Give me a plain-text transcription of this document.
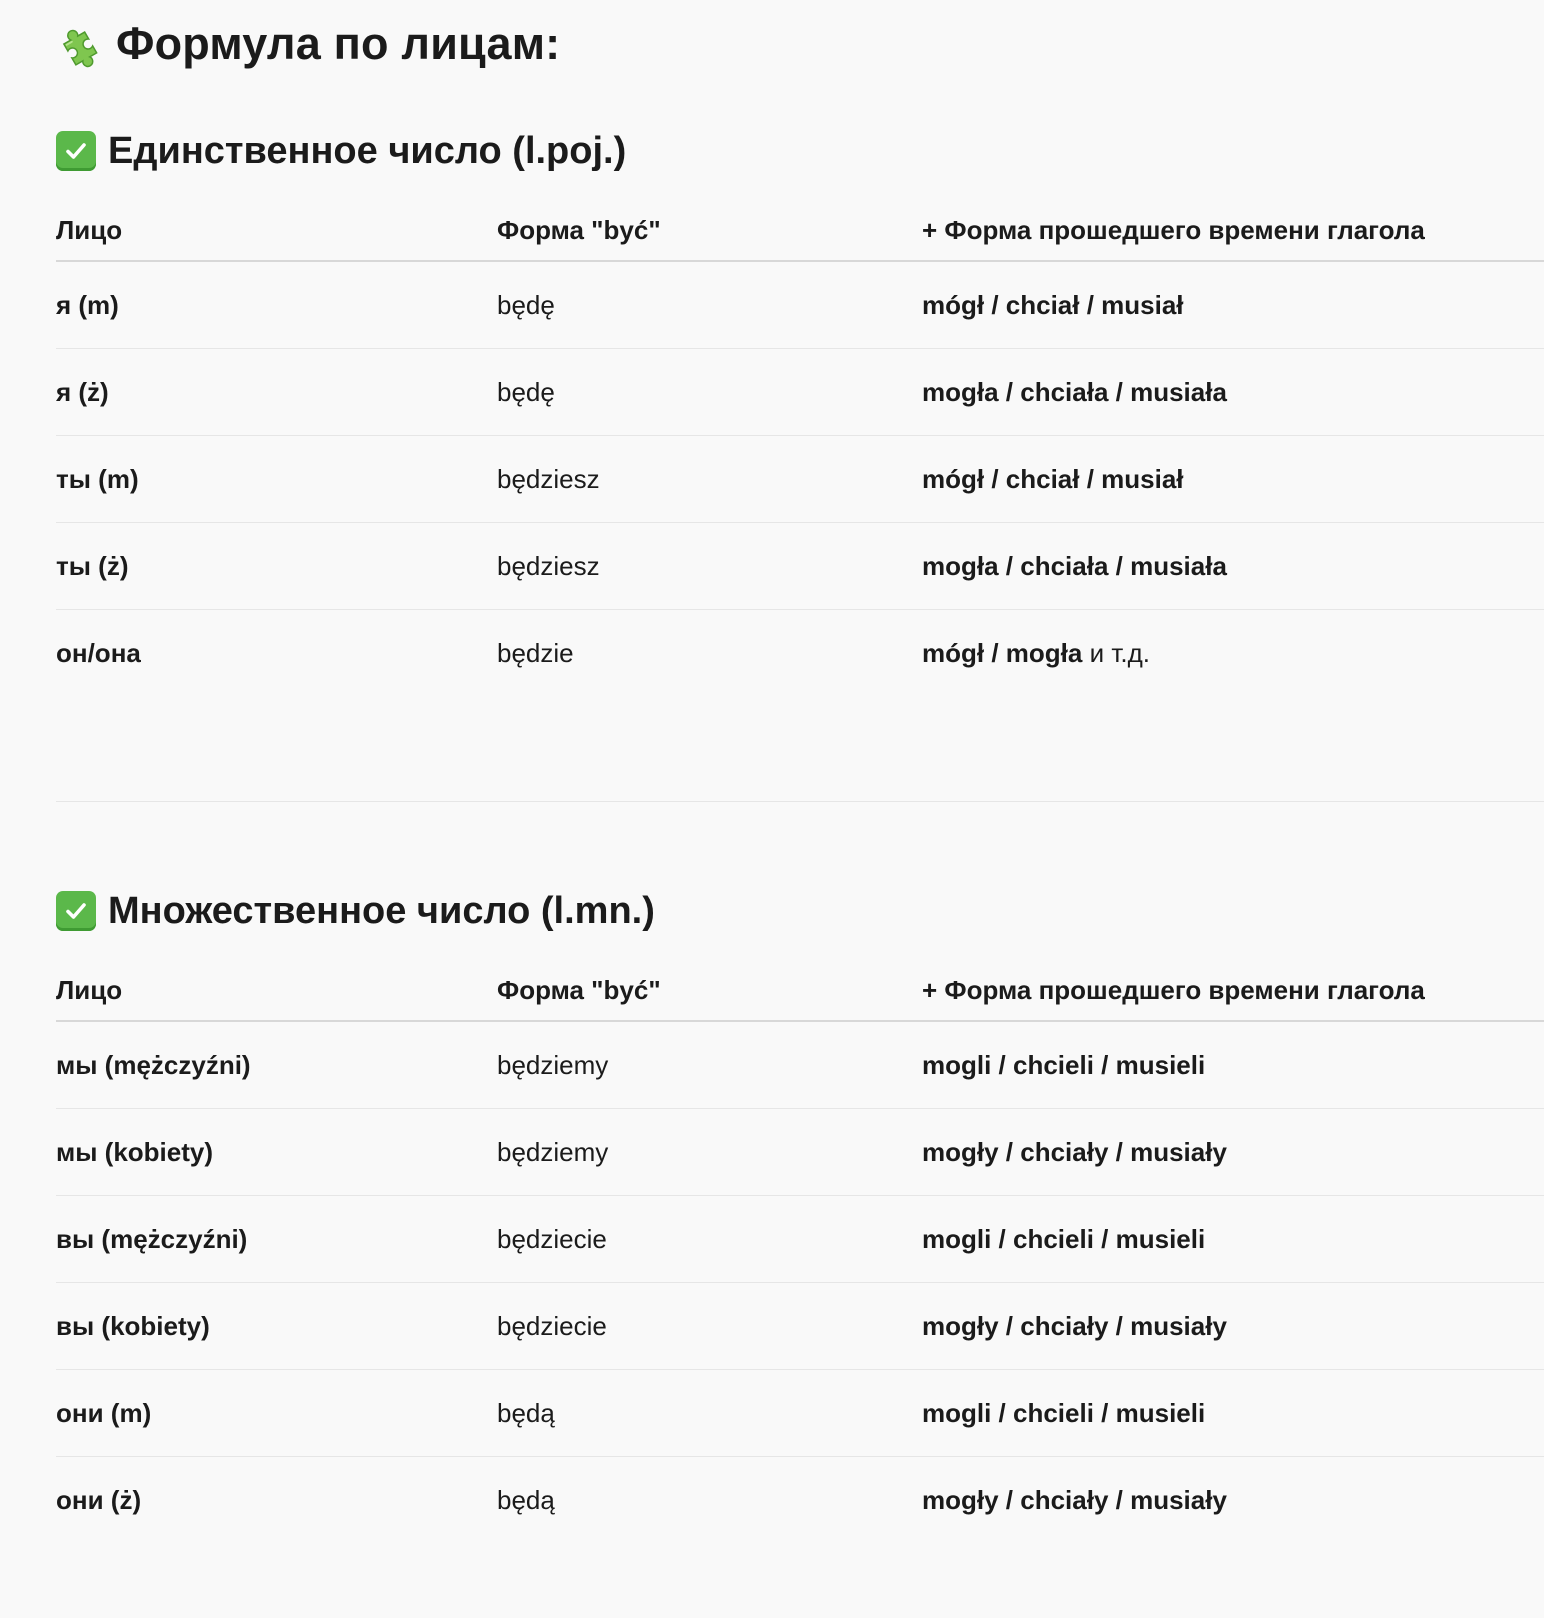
Формула по лицам:
Единственное число (l.poj.)
Лицо	Форма "być"	+ Форма прошедшего времени глагола
я (m)	będę	mógł / chciał / musiał
я (ż)	będę	mogła / chciała / musiała
ты (m)	będziesz	mógł / chciał / musiał
ты (ż)	będziesz	mogła / chciała / musiała
он/она	będzie	mógł / mogła и т.д.
Множественное число (l.mn.)
Лицо	Форма "być"	+ Форма прошедшего времени глагола
мы (mężczyźni)	będziemy	mogli / chcieli / musieli
мы (kobiety)	będziemy	mogły / chciały / musiały
вы (mężczyźni)	będziecie	mogli / chcieli / musieli
вы (kobiety)	będziecie	mogły / chciały / musiały
они (m)	będą	mogli / chcieli / musieli
они (ż)	będą	mogły / chciały / musiały
